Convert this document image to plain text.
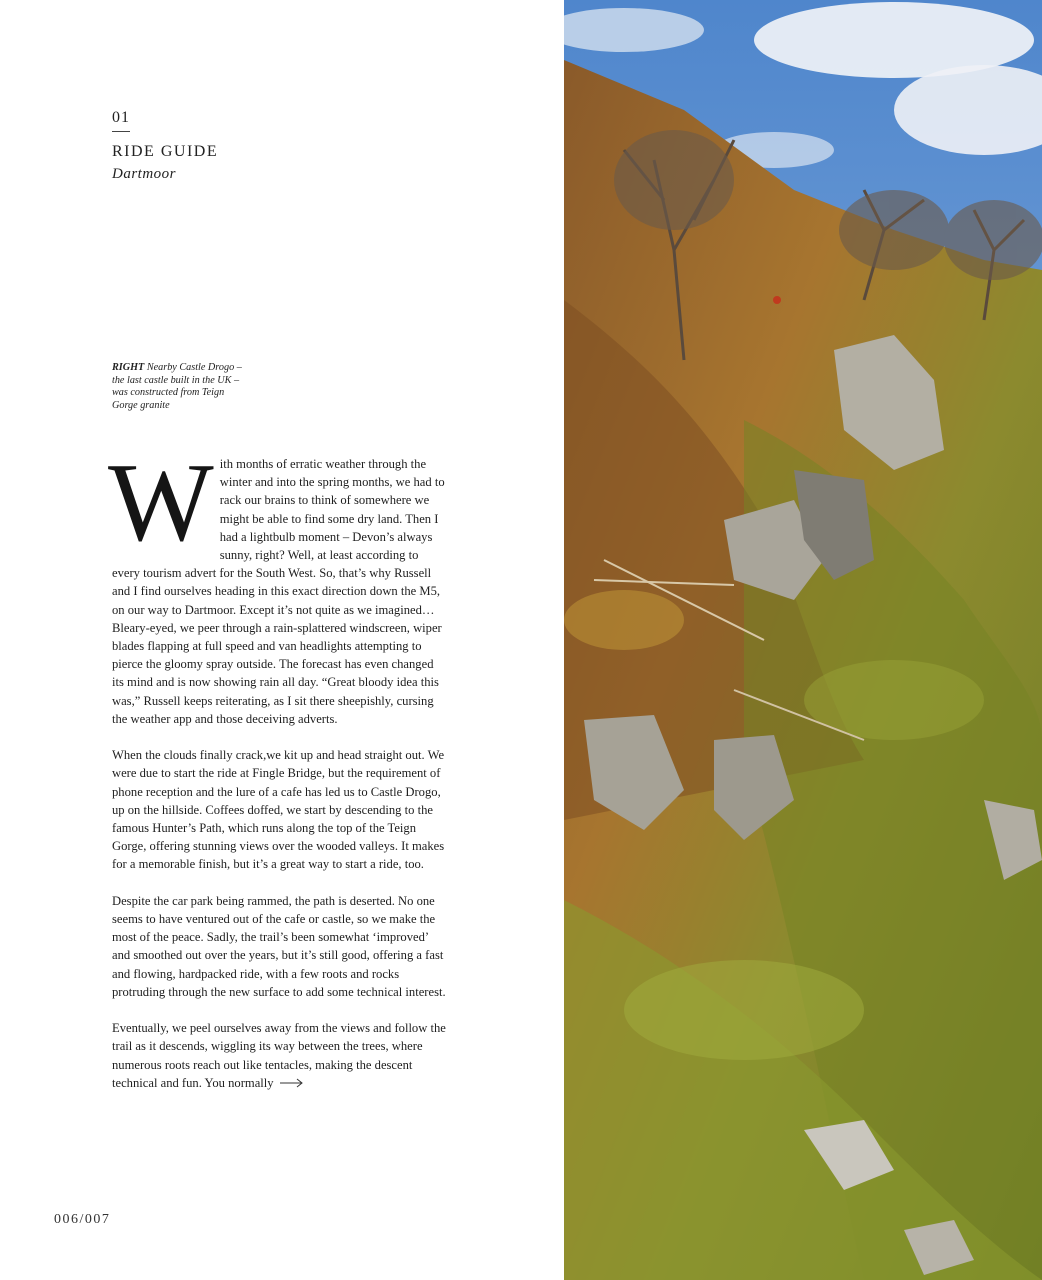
01
RIDE GUIDE
Dartmoor
RIGHT Nearby Castle Drogo – the last castle built in the UK – was constructed from Teign Gorge granite

With months of erratic weather through the winter and into the spring months, we had to rack our brains to think of somewhere we might be able to find some dry land. Then I had a lightbulb moment – Devon’s always sunny, right? Well, at least according to every tourism advert for the South West. So, that’s why Russell and I find ourselves heading in this exact direction down the M5, on our way to Dartmoor. Except it’s not quite as we imagined… Bleary-eyed, we peer through a rain-splattered windscreen, wiper blades flapping at full speed and van headlights attempting to pierce the gloomy spray outside. The forecast has even changed its mind and is now showing rain all day. “Great bloody idea this was,” Russell keeps reiterating, as I sit there sheepishly, cursing the weather app and those deceiving adverts.

When the clouds finally crack,we kit up and head straight out. We were due to start the ride at Fingle Bridge, but the requirement of phone reception and the lure of a cafe has led us to Castle Drogo, up on the hillside. Coffees doffed, we start by descending to the famous Hunter’s Path, which runs along the top of the Teign Gorge, offering stunning views over the wooded valleys. It makes for a memorable finish, but it’s a great way to start a ride, too.

Despite the car park being rammed, the path is deserted. No one seems to have ventured out of the cafe or castle, so we make the most of the peace. Sadly, the trail’s been somewhat ‘improved’ and smoothed out over the years, but it’s still good, offering a fast and flowing, hardpacked ride, with a few roots and rocks protruding through the new surface to add some technical interest.

Eventually, we peel ourselves away from the views and follow the trail as it descends, wiggling its way between the trees, where numerous roots reach out like tentacles, making the descent technical and fun. You normally

006/007
